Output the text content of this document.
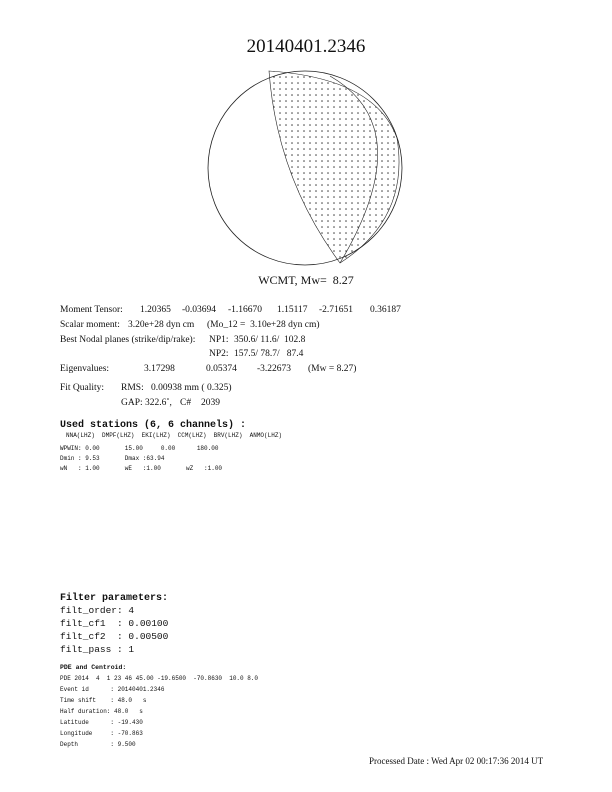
20140401.2346
WCMT, Mw=  8.27
Moment Tensor: 1.20365 -0.03694 -1.16670 1.15117 -2.71651 0.36187
Scalar moment: 3.20e+28 dyn cm (Mo_12 =  3.10e+28 dyn cm)
Best Nodal planes (strike/dip/rake): NP1: 350.6/ 11.6/  102.8
NP2: 157.5/ 78.7/   87.4
Eigenvalues:	3.17298	0.05374 -3.22673 (Mw = 8.27)
Fit Quality: RMS: 0.00938 mm ( 0.325)
GAP: 322.6˚, C# 2039
Used stations (6, 6 channels) :
NNA(LHZ)  DMPF(LHZ)  EKI(LHZ)  CCM(LHZ)  BRV(LHZ)  ANMO(LHZ)
WPWIN: 0.00       15.00     0.00      180.00
Dmin : 9.53       Dmax :63.94
wN   : 1.00       wE   :1.00       wZ   :1.00
Filter parameters:
filt_order: 4
filt_cf1  : 0.00100
filt_cf2  : 0.00500
filt_pass : 1
PDE and Centroid:
PDE 2014  4  1 23 46 45.00 -19.6500  -70.8630  10.0 8.0
Event id      : 20140401.2346
Time shift    : 48.0   s
Half duration: 48.0   s
Latitude      : -19.430
Longitude     : -70.863
Depth         : 9.500
Processed Date : Wed Apr 02 00:17:36 2014 UT
